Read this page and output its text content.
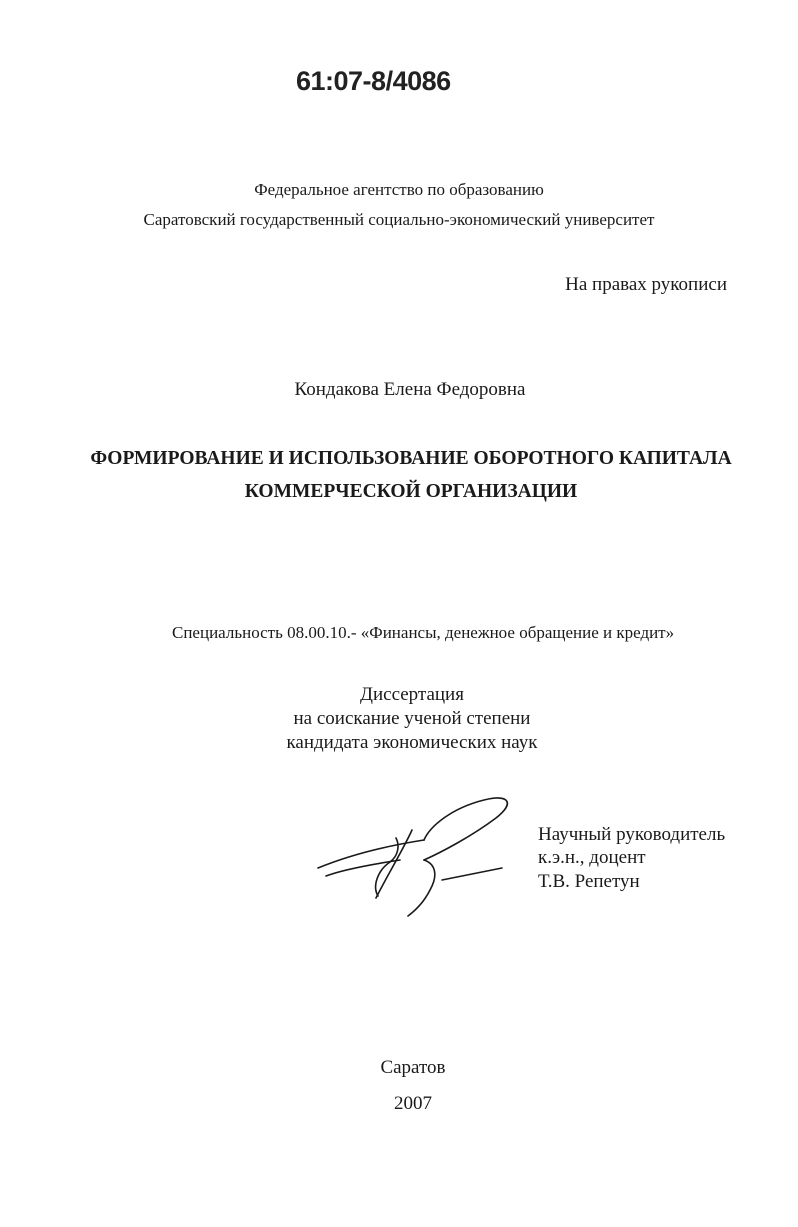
61:07-8/4086
Федеральное агентство по образованию
Саратовский государственный социально-экономический университет
На правах рукописи
Кондакова Елена Федоровна
ФОРМИРОВАНИЕ И ИСПОЛЬЗОВАНИЕ ОБОРОТНОГО КАПИТАЛА
КОММЕРЧЕСКОЙ ОРГАНИЗАЦИИ
Специальность 08.00.10.- «Финансы, денежное обращение и кредит»
Диссертация
на соискание ученой степени
кандидата экономических наук
Научный руководитель
к.э.н., доцент
Т.В. Репетун
Саратов
2007
